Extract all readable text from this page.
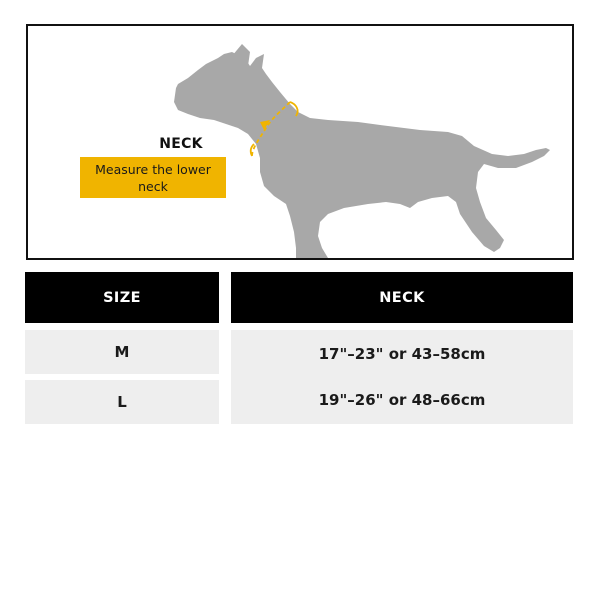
NECK
Measure the lower neck
SIZE	NECK
M
L
17"–23" or 43–58cm
19"–26" or 48–66cm
